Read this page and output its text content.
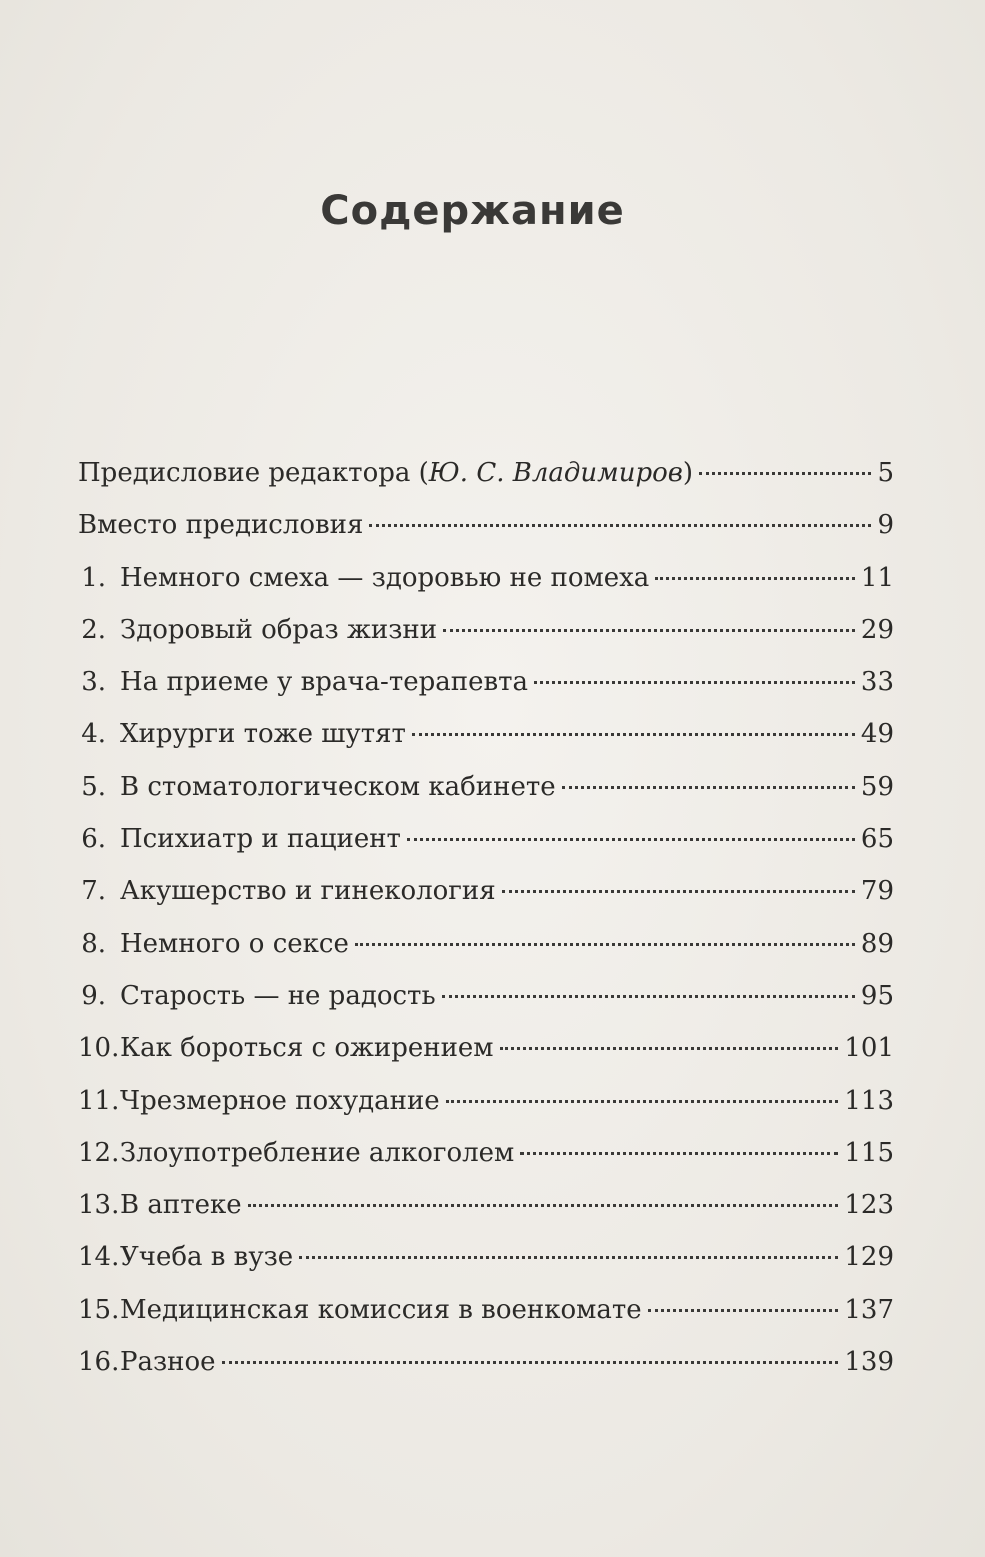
Содержание
Предисловие редактора (Ю. С. Владимиров)	5
Вместо предисловия	9
1. Немного смеха — здоровью не помеха	11
2. Здоровый образ жизни	29
3. На приеме у врача-терапевта	33
4. Хирурги тоже шутят	49
5. В стоматологическом кабинете	59
6. Психиатр и пациент	65
7. Акушерство и гинекология	79
8. Немного о сексе	89
9. Старость — не радость	95
10. Как бороться с ожирением	101
11. Чрезмерное похудание	113
12. Злоупотребление алкоголем	115
13. В аптеке	123
14. Учеба в вузе	129
15. Медицинская комиссия в военкомате	137
16. Разное	139
